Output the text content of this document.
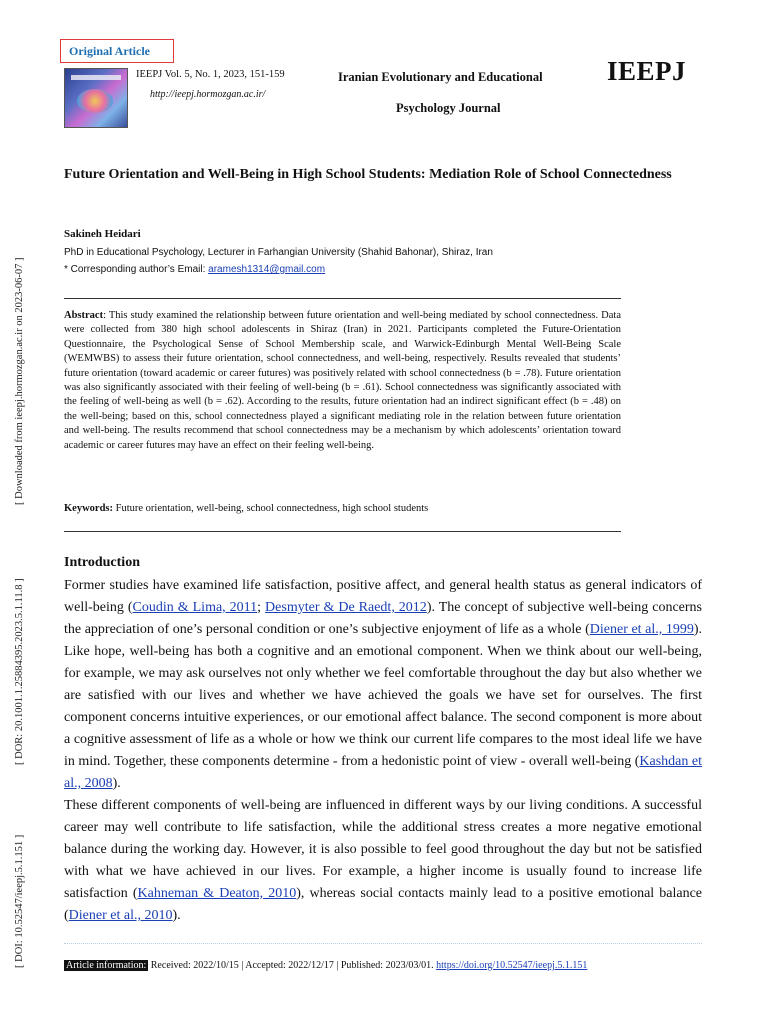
[ Downloaded from ieepj.hormozgan.ac.ir on 2023-06-07 ]
[ DOR: 20.1001.1.25884395.2023.5.1.11.8 ]
[ DOI: 10.52547/ieepj.5.1.151 ]
Original Article
IEEPJ Vol. 5, No. 1, 2023, 151-159
http://ieepj.hormozgan.ac.ir/
Iranian Evolutionary and Educational
Psychology Journal
IEEPJ
Future Orientation and Well-Being in High School Students: Mediation Role of School Connectedness
Sakineh Heidari
PhD in Educational Psychology, Lecturer in Farhangian University (Shahid Bahonar), Shiraz, Iran
* Corresponding author’s Email: aramesh1314@gmail.com
Abstract: This study examined the relationship between future orientation and well-being mediated by school connectedness. Data were collected from 380 high school adolescents in Shiraz (Iran) in 2021. Participants completed the Future-Orientation Questionnaire, the Psychological Sense of School Membership scale, and Warwick-Edinburgh Mental Well-Being Scale (WEMWBS) to assess their future orientation, school connectedness, and well-being, respectively. Results revealed that students’ future orientation (toward academic or career futures) was positively related with school connectedness (b = .78). Future orientation was also significantly associated with their feeling of well-being (b = .61). School connectedness was significantly associated with the feeling of well-being as well (b = .62). According to the results, future orientation had an indirect significant effect (b = .48) on the well-being; based on this, school connectedness played a significant mediating role in the relation between future orientation and well-being. The results recommend that school connectedness may be a mechanism by which adolescents’ orientation toward academic or career futures may have an effect on their feeling well-being.
Keywords: Future orientation, well-being, school connectedness, high school students
Introduction

Former studies have examined life satisfaction, positive affect, and general health status as general indicators of well-being (Coudin & Lima, 2011; Desmyter & De Raedt, 2012). The concept of subjective well-being concerns the appreciation of one’s personal condition or one’s subjective enjoyment of life as a whole (Diener et al., 1999). Like hope, well-being has both a cognitive and an emotional component. When we think about our well-being, for example, we may ask ourselves not only whether we feel comfortable throughout the day but also whether we are satisfied with our lives and whether we have achieved the goals we have set for ourselves. The first component concerns intuitive experiences, or our emotional affect balance. The second component is more about a cognitive assessment of life as a whole or how we think our current life compares to the most ideal life we have in mind. Together, these components determine - from a hedonistic point of view - overall well-being (Kashdan et al., 2008).

These different components of well-being are influenced in different ways by our living conditions. A successful career may well contribute to life satisfaction, while the additional stress creates a more negative emotional balance during the working day. However, it is also possible to feel good throughout the day but not be satisfied with what we have achieved in our lives. For example, a higher income is usually found to increase life satisfaction (Kahneman & Deaton, 2010), whereas social contacts mainly lead to a positive emotional balance (Diener et al., 2010).

Article information: Received: 2022/10/15 | Accepted: 2022/12/17 | Published: 2023/03/01. https://doi.org/10.52547/ieepj.5.1.151
